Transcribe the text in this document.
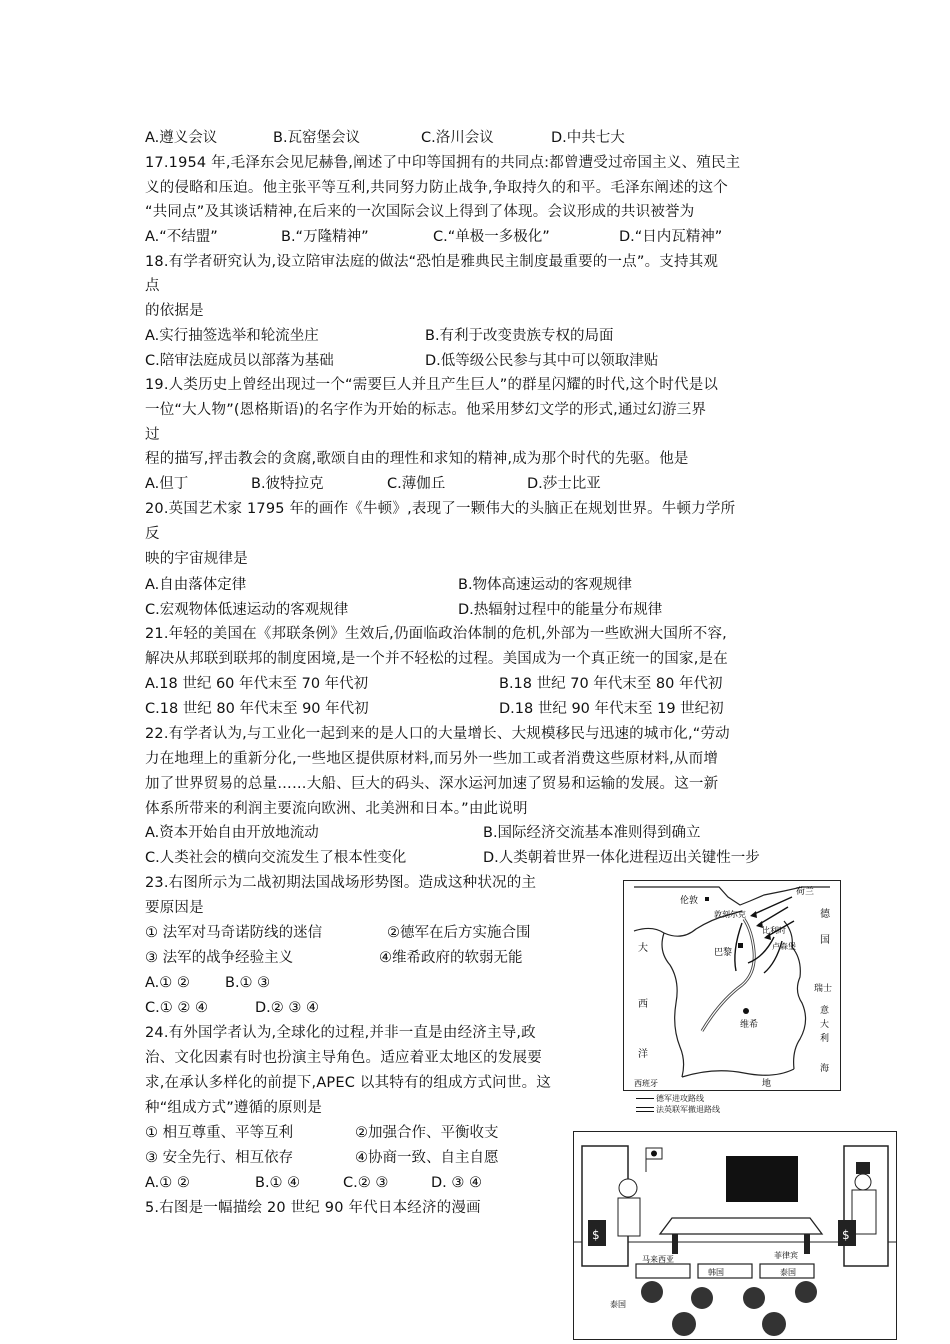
A.遵义会议	B.瓦窑堡会议	C.洛川会议	D.中共七大
17.1954 年,毛泽东会见尼赫鲁,阐述了中印等国拥有的共同点:都曾遭受过帝国主义、殖民主
义的侵略和压迫。他主张平等互利,共同努力防止战争,争取持久的和平。毛泽东阐述的这个
“共同点”及其谈话精神,在后来的一次国际会议上得到了体现。会议形成的共识被誉为
A.“不结盟”	B.“万隆精神”	C.“单极一多极化”	D.“日内瓦精神”
18.有学者研究认为,设立陪审法庭的做法“恐怕是雅典民主制度最重要的一点”。支持其观
点
的依据是
A.实行抽签选举和轮流坐庄	B.有利于改变贵族专权的局面
C.陪审法庭成员以部落为基础	D.低等级公民参与其中可以领取津贴
19.人类历史上曾经出现过一个“需要巨人并且产生巨人”的群星闪耀的时代,这个时代是以
一位“大人物”(恩格斯语)的名字作为开始的标志。他采用梦幻文学的形式,通过幻游三界
过
程的描写,抨击教会的贪腐,歌颂自由的理性和求知的精神,成为那个时代的先驱。他是
A.但丁	B.彼特拉克	C.薄伽丘	D.莎士比亚
20.英国艺术家 1795 年的画作《牛顿》,表现了一颗伟大的头脑正在规划世界。牛顿力学所
反
映的宇宙规律是
A.自由落体定律	B.物体高速运动的客观规律
C.宏观物体低速运动的客观规律	D.热辐射过程中的能量分布规律
21.年轻的美国在《邦联条例》生效后,仍面临政治体制的危机,外部为一些欧洲大国所不容,
解决从邦联到联邦的制度困境,是一个并不轻松的过程。美国成为一个真正统一的国家,是在
A.18 世纪 60 年代末至 70 年代初	B.18 世纪 70 年代末至 80 年代初
C.18 世纪 80 年代末至 90 年代初	D.18 世纪 90 年代末至 19 世纪初
22.有学者认为,与工业化一起到来的是人口的大量增长、大规模移民与迅速的城市化,“劳动
力在地理上的重新分化,一些地区提供原材料,而另外一些加工或者消费这些原材料,从而增
加了世界贸易的总量……大船、巨大的码头、深水运河加速了贸易和运输的发展。这一新
体系所带来的利润主要流向欧洲、北美洲和日本。”由此说明
A.资本开始自由开放地流动	B.国际经济交流基本准则得到确立
C.人类社会的横向交流发生了根本性变化	D.人类朝着世界一体化进程迈出关键性一步
23.右图所示为二战初期法国战场形势图。造成这种状况的主
要原因是
① 法军对马奇诺防线的迷信	②德军在后方实施合围
③ 法军的战争经验主义	④维希政府的软弱无能
A.① ② B.① ③
C.① ② ④	D.② ③ ④
24.有外国学者认为,全球化的过程,并非一直是由经济主导,政
治、文化因素有时也扮演主导角色。适应着亚太地区的发展要
求,在承认多样化的前提下,APEC 以其特有的组成方式问世。这
种“组成方式”遵循的原则是
① 相互尊重、平等互利	②加强合作、平衡收支
③ 安全先行、相互依存	④协商一致、自主自愿
A.① ②	B.① ④	C.② ③	D. ③ ④
5.右图是一幅描绘 20 世纪 90 年代日本经济的漫画
荷兰
伦敦
敦刻尔克
比利时
卢森堡
德
国
大	巴黎
瑞士
西
维希
意
大
利
洋
西班牙	地
海
德军进攻路线
法英联军撤退路线
$	$
马来西亚	菲律宾
韩国	泰国
泰国
